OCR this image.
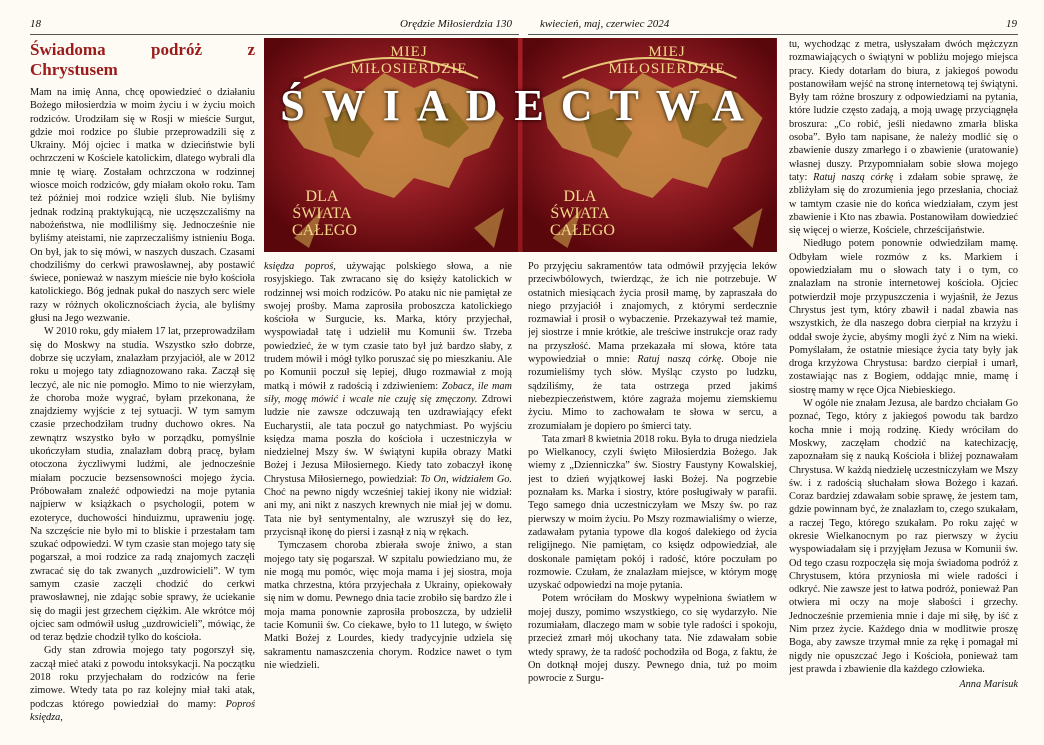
18	Orędzie Miłosierdzia 130	kwiecień, maj, czerwiec 2024	19
MIEJ MIŁOSIERDZIE
DLA
ŚWIATA
CAŁEGO
MIEJ MIŁOSIERDZIE
DLA
ŚWIATA
CAŁEGO
ŚWIADECTWA
Świadoma podróż z Chrystusem

Mam na imię Anna, chcę opowiedzieć o działaniu Bożego miłosierdzia w moim życiu i w życiu moich rodziców. Urodziłam się w Rosji w mieście Surgut, gdzie moi rodzice po ślubie przeprowadzili się z Ukrainy. Mój ojciec i matka w dzieciństwie byli ochrzczeni w Kościele katolickim, dlatego wybrali dla mnie tę wiarę. Zostałam ochrzczona w rodzinnej wiosce moich rodziców, gdy miałam około roku. Tam też później moi rodzice wzięli ślub. Nie byliśmy jednak rodziną praktykującą, nie uczęszczaliśmy na nabożeństwa, nie modliliśmy się. Jednocześnie nie byliśmy ateistami, nie zaprzeczaliśmy istnieniu Boga. On był, jak to się mówi, w naszych duszach. Czasami chodziliśmy do cerkwi prawosławnej, aby postawić świece, ponieważ w naszym mieście nie było kościoła katolickiego. Bóg jednak pukał do naszych serc wiele razy w różnych okolicznościach życia, ale byliśmy głusi na Jego wezwanie.

W 2010 roku, gdy miałem 17 lat, przeprowadziłam się do Moskwy na studia. Wszystko szło dobrze, dobrze się uczyłam, znalazłam przyjaciół, ale w 2012 roku u mojego taty zdiagnozowano raka. Zaczął się leczyć, ale nic nie pomogło. Mimo to nie wierzyłam, że choroba może wygrać, byłam przekonana, że znajdziemy wyjście z tej sytuacji. W tym samym czasie przechodziłam trudny duchowo okres. Na zewnątrz wszystko było w porządku, pomyślnie ukończyłam studia, znalazłam dobrą pracę, byłam otoczona życzliwymi ludźmi, ale jednocześnie miałam poczucie bezsensowności mojego życia. Próbowałam znaleźć odpowiedzi na moje pytania najpierw w książkach o psychologii, potem w ezoteryce, duchowości hinduizmu, upraweniu jogę. Na szczęście nie było mi to bliskie i przestałam tam szukać odpowiedzi. W tym czasie stan mojego taty się pogarszał, a moi rodzice za radą znajomych zaczęli zwracać się do tak zwanych „uzdrowicieli”. W tym samym czasie zaczęli chodzić do cerkwi prawosławnej, nie zdając sobie sprawy, że uciekanie się do magii jest grzechem ciężkim. Ale wkrótce mój ojciec sam odmówił usług „uzdrowicieli”, mówiąc, że od teraz będzie chodził tylko do kościoła.

Gdy stan zdrowia mojego taty pogorszył się, zaczął mieć ataki z powodu intoksykacji. Na początku 2018 roku przyjechałam do rodziców na ferie zimowe. Wtedy tata po raz kolejny miał taki atak, podczas którego powiedział do mamy: Poproś księdza,

księdza poproś, używając polskiego słowa, a nie rosyjskiego. Tak zwracano się do księży katolickich w rodzinnej wsi moich rodziców. Po ataku nic nie pamiętał ze swojej prośby. Mama zaprosiła proboszcza katolickiego kościoła w Surgucie, ks. Marka, który przyjechał, wyspowiadał tatę i udzielił mu Komunii św. Trzeba powiedzieć, że w tym czasie tato był już bardzo słaby, z trudem mówił i mógł tylko poruszać się po mieszkaniu. Ale po Komunii poczuł się lepiej, długo rozmawiał z moją matką i mówił z radością i zdziwieniem: Zobacz, ile mam siły, mogę mówić i wcale nie czuję się zmęczony. Zdrowi ludzie nie zawsze odczuwają ten uzdrawiający efekt Eucharystii, ale tata poczuł go natychmiast. Po wyjściu księdza mama poszła do kościoła i uczestniczyła w niedzielnej Mszy św. W świątyni kupiła obrazy Matki Bożej i Jezusa Miłosiernego. Kiedy tato zobaczył ikonę Chrystusa Miłosiernego, powiedział: To On, widziałem Go. Choć na pewno nigdy wcześniej takiej ikony nie widział: ani my, ani nikt z naszych krewnych nie miał jej w domu. Tata nie był sentymentalny, ale wzruszył się do łez, przycisnął ikonę do piersi i zasnął z nią w rękach.

Tymczasem choroba zbierała swoje żniwo, a stan mojego taty się pogarszał. W szpitalu powiedziano mu, że nie mogą mu pomóc, więc moja mama i jej siostra, moja matka chrzestna, która przyjechała z Ukrainy, opiekowały się nim w domu. Pewnego dnia tacie zrobiło się bardzo źle i moja mama ponownie zaprosiła proboszcza, by udzielił tacie Komunii św. Co ciekawe, było to 11 lutego, w święto Matki Bożej z Lourdes, kiedy tradycyjnie udziela się sakramentu namaszczenia chorym. Rodzice nawet o tym nie wiedzieli.

Po przyjęciu sakramentów tata odmówił przyjęcia leków przeciwbólowych, twierdząc, że ich nie potrzebuje. W ostatnich miesiącach życia prosił mamę, by zapraszała do niego przyjaciół i znajomych, z którymi serdecznie rozmawiał i prosił o wybaczenie. Przekazywał też mamie, jej siostrze i mnie krótkie, ale treściwe instrukcje oraz rady na przyszłość. Mama przekazała mi słowa, które tata wypowiedział o mnie: Ratuj naszą córkę. Oboje nie rozumieliśmy tych słów. Myśląc czysto po ludzku, sądziliśmy, że tata ostrzega przed jakimś niebezpieczeństwem, które zagraża mojemu ziemskiemu życiu. Mimo to zachowałam te słowa w sercu, a zrozumiałam je dopiero po śmierci taty.

Tata zmarł 8 kwietnia 2018 roku. Była to druga niedziela po Wielkanocy, czyli święto Miłosierdzia Bożego. Jak wiemy z „Dzienniczka” św. Siostry Faustyny Kowalskiej, jest to dzień wyjątkowej łaski Bożej. Na pogrzebie poznałam ks. Marka i siostry, które posługiwały w parafii. Tego samego dnia uczestniczyłam we Mszy św. po raz pierwszy w moim życiu. Po Mszy rozmawialiśmy o wierze, zadawałam pytania typowe dla kogoś dalekiego od życia religijnego. Nie pamiętam, co księdz odpowiedział, ale doskonale pamiętam pokój i radość, które poczułam po rozmowie. Czułam, że znalazłam miejsce, w którym mogę uzyskać odpowiedzi na moje pytania.

Potem wróciłam do Moskwy wypełniona światłem w mojej duszy, pomimo wszystkiego, co się wydarzyło. Nie rozumiałam, dlaczego mam w sobie tyle radości i spokoju, przecież zmarł mój ukochany tata. Nie zdawałam sobie wtedy sprawy, że ta radość pochodziła od Boga, z faktu, że On dotknął mojej duszy. Pewnego dnia, tuż po moim powrocie z Surgu-

tu, wychodząc z metra, usłyszałam dwóch mężczyzn rozmawiających o świątyni w pobliżu mojego miejsca pracy. Kiedy dotarłam do biura, z jakiegoś powodu postanowiłam wejść na stronę internetową tej świątyni. Były tam różne broszury z odpowiedziami na pytania, które ludzie często zadają, a moją uwagę przyciągnęła broszura: „Co robić, jeśli niedawno zmarła bliska osoba”. Było tam napisane, że należy modlić się o zbawienie duszy zmarłego i o zbawienie (uratowanie) własnej duszy. Przypomniałam sobie słowa mojego taty: Ratuj naszą córkę i zdałam sobie sprawę, że zbliżyłam się do zrozumienia jego przesłania, chociaż w tamtym czasie nie do końca wiedziałam, czym jest zbawienie i Kto nas zbawia. Postanowiłam dowiedzieć się więcej o wierze, Kościele, chrześcijaństwie.

Niedługo potem ponownie odwiedziłam mamę. Odbyłam wiele rozmów z ks. Markiem i opowiedziałam mu o słowach taty i o tym, co znalazłam na stronie internetowej kościoła. Ojciec potwierdził moje przypuszczenia i wyjaśnił, że Jezus Chrystus jest tym, który zbawił i nadal zbawia nas wszystkich, że dla naszego dobra cierpiał na krzyżu i oddał swoje życie, abyśmy mogli żyć z Nim na wieki. Pomyślałam, że ostatnie miesiące życia taty były jak droga krzyżowa Chrystusa: bardzo cierpiał i umarł, zostawiając nas z Bogiem, oddając mnie, mamę i siostrę mamy w ręce Ojca Niebieskiego.

W ogóle nie znałam Jezusa, ale bardzo chciałam Go poznać, Tego, który z jakiegoś powodu tak bardzo kocha mnie i moją rodzinę. Kiedy wróciłam do Moskwy, zaczęłam chodzić na katechizację, zapoznałam się z nauką Kościoła i bliżej poznawałam Chrystusa. W każdą niedzielę uczestniczyłam we Mszy św. i z radością słuchałam słowa Bożego i kazań. Coraz bardziej zdawałam sobie sprawę, że jestem tam, gdzie powinnam być, że znalazłam to, czego szukałam, a raczej Tego, którego szukałam. Po roku zajęć w okresie Wielkanocnym po raz pierwszy w życiu wyspowiadałam się i przyjęłam Jezusa w Komunii św. Od tego czasu rozpoczęła się moja świadoma podróż z Chrystusem, która przyniosła mi wiele radości i odkryć. Nie zawsze jest to łatwa podróż, ponieważ Pan otwiera mi oczy na moje słabości i grzechy. Jednocześnie przemienia mnie i daje mi siłę, by iść z Nim przez życie. Każdego dnia w modlitwie proszę Boga, aby zawsze trzymał mnie za rękę i pomagał mi nigdy nie opuszczać Jego i Kościoła, ponieważ tam jest prawda i zbawienie dla każdego człowieka.

Anna Marisuk
